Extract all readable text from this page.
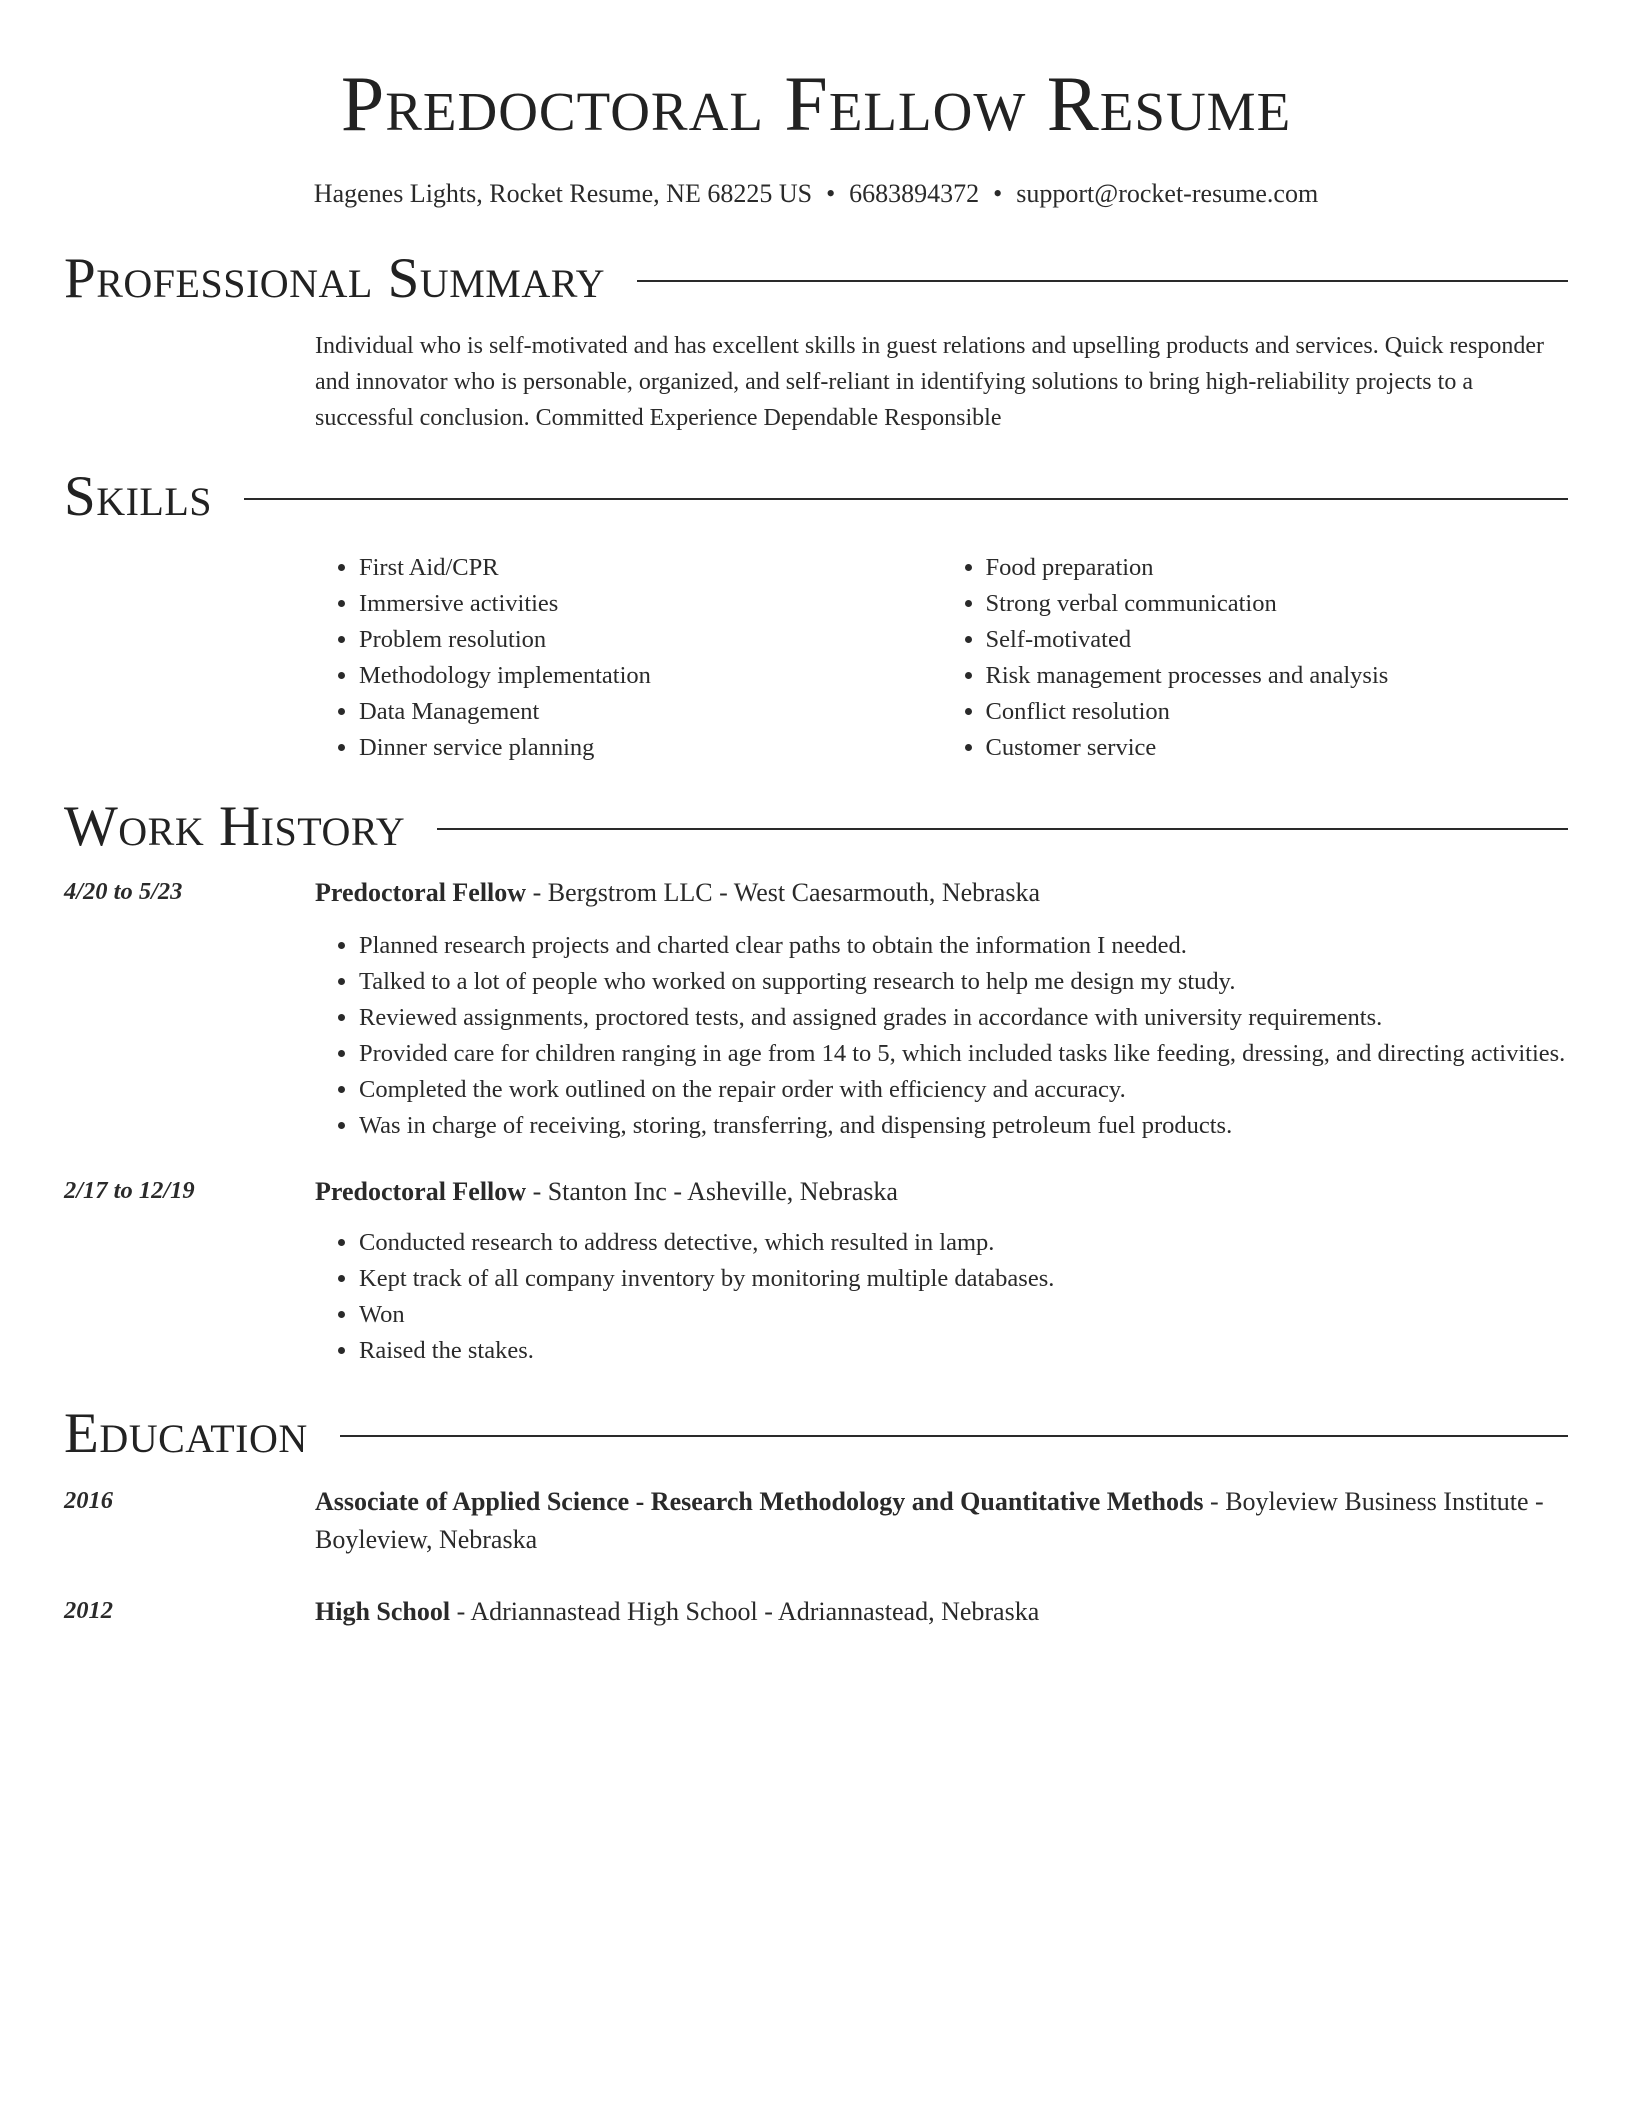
Predoctoral Fellow Resume
Hagenes Lights, Rocket Resume, NE 68225 US • 6683894372 • support@rocket-resume.com
Professional Summary
Individual who is self-motivated and has excellent skills in guest relations and upselling products and services. Quick responder and innovator who is personable, organized, and self-reliant in identifying solutions to bring high-reliability projects to a successful conclusion. Committed Experience Dependable Responsible
Skills
• First Aid/CPR
• Immersive activities
• Problem resolution
• Methodology implementation
• Data Management
• Dinner service planning
• Food preparation
• Strong verbal communication
• Self-motivated
• Risk management processes and analysis
• Conflict resolution
• Customer service
Work History
4/20 to 5/23	Predoctoral Fellow - Bergstrom LLC - West Caesarmouth, Nebraska
• Planned research projects and charted clear paths to obtain the information I needed.
• Talked to a lot of people who worked on supporting research to help me design my study.
• Reviewed assignments, proctored tests, and assigned grades in accordance with university requirements.
• Provided care for children ranging in age from 14 to 5, which included tasks like feeding, dressing, and directing activities.
• Completed the work outlined on the repair order with efficiency and accuracy.
• Was in charge of receiving, storing, transferring, and dispensing petroleum fuel products.
2/17 to 12/19	Predoctoral Fellow - Stanton Inc - Asheville, Nebraska
• Conducted research to address detective, which resulted in lamp.
• Kept track of all company inventory by monitoring multiple databases.
• Won
• Raised the stakes.
Education
2016	Associate of Applied Science - Research Methodology and Quantitative Methods - Boyleview Business Institute - Boyleview, Nebraska
2012	High School - Adriannastead High School - Adriannastead, Nebraska
